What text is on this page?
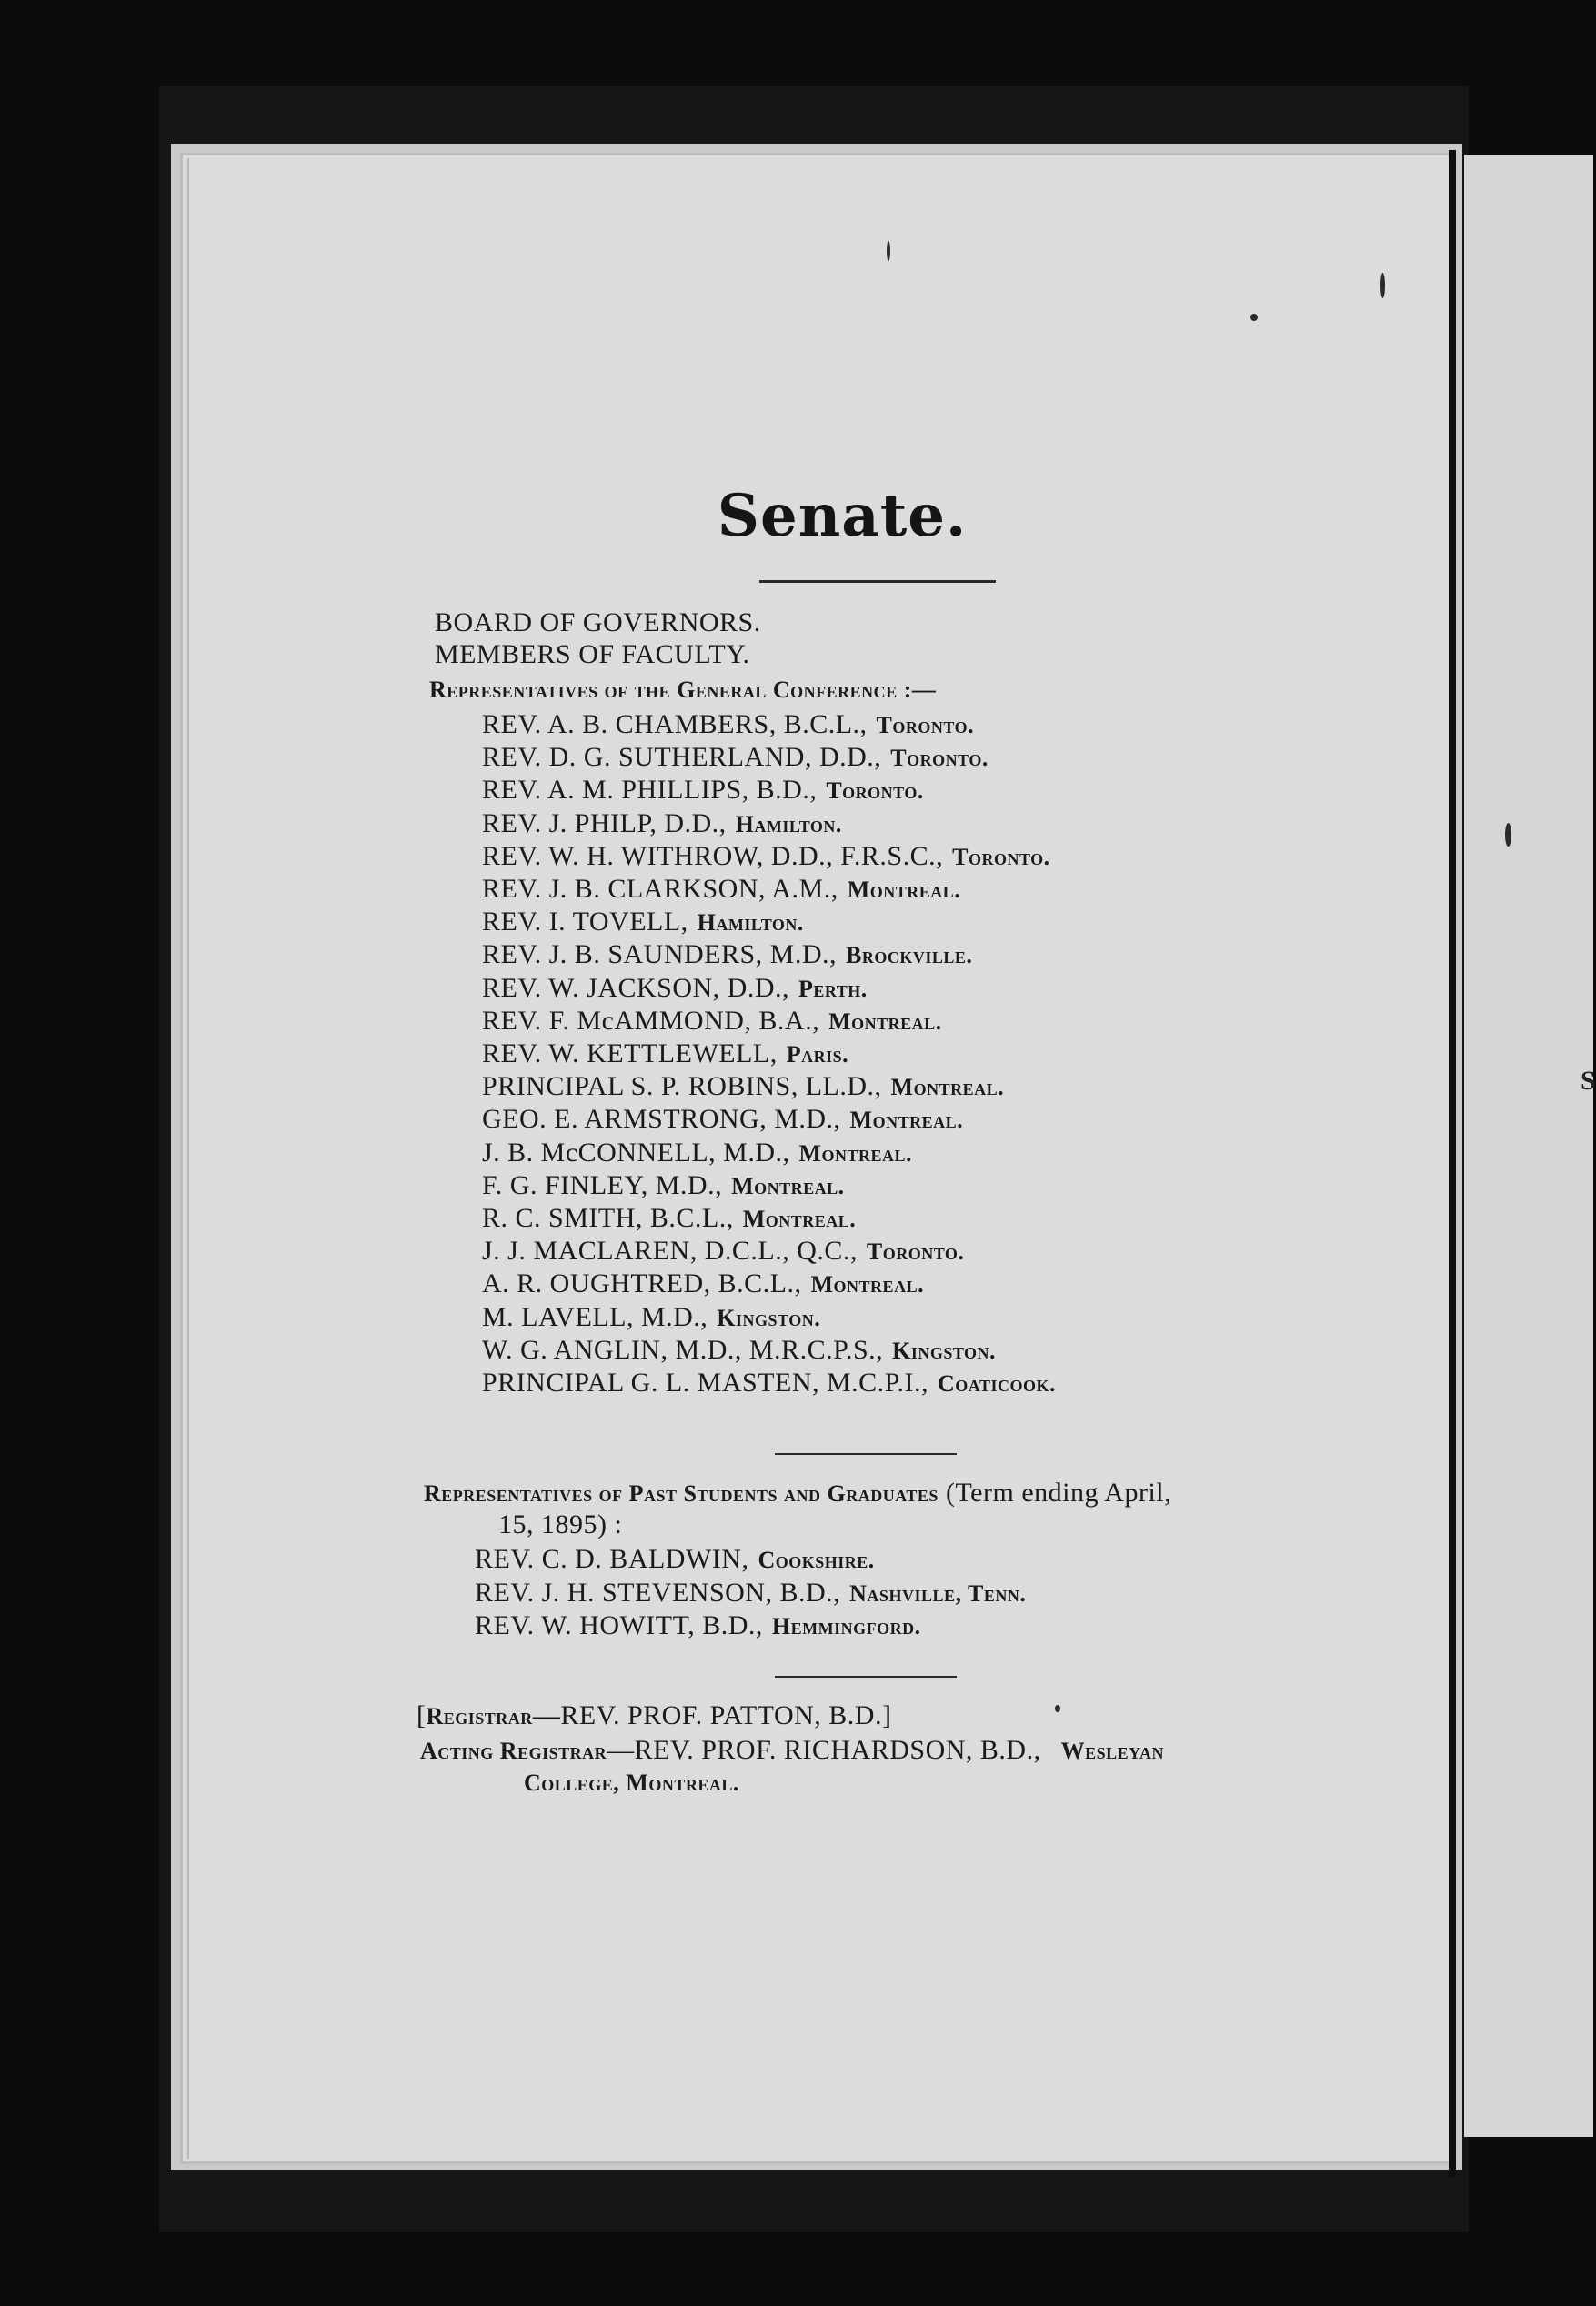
S
Senate.
BOARD OF GOVERNORS.
MEMBERS OF FACULTY.
Representatives of the General Conference :—
REV. A. B. CHAMBERS, B.C.L., Toronto.
REV. D. G. SUTHERLAND, D.D., Toronto.
REV. A. M. PHILLIPS, B.D., Toronto.
REV. J. PHILP, D.D., Hamilton.
REV. W. H. WITHROW, D.D., F.R.S.C., Toronto.
REV. J. B. CLARKSON, A.M., Montreal.
REV. I. TOVELL, Hamilton.
REV. J. B. SAUNDERS, M.D., Brockville.
REV. W. JACKSON, D.D., Perth.
REV. F. McAMMOND, B.A., Montreal.
REV. W. KETTLEWELL, Paris.
PRINCIPAL S. P. ROBINS, LL.D., Montreal.
GEO. E. ARMSTRONG, M.D., Montreal.
J. B. McCONNELL, M.D., Montreal.
F. G. FINLEY, M.D., Montreal.
R. C. SMITH, B.C.L., Montreal.
J. J. MACLAREN, D.C.L., Q.C., Toronto.
A. R. OUGHTRED, B.C.L., Montreal.
M. LAVELL, M.D., Kingston.
W. G. ANGLIN, M.D., M.R.C.P.S., Kingston.
PRINCIPAL G. L. MASTEN, M.C.P.I., Coaticook.
Representatives of Past Students and Graduates (Term ending April,
15, 1895) :
REV. C. D. BALDWIN, Cookshire.
REV. J. H. STEVENSON, B.D., Nashville, Tenn.
REV. W. HOWITT, B.D., Hemmingford.
[Registrar—REV. PROF. PATTON, B.D.]
Acting Registrar—REV. PROF. RICHARDSON, B.D., Wesleyan
College, Montreal.
